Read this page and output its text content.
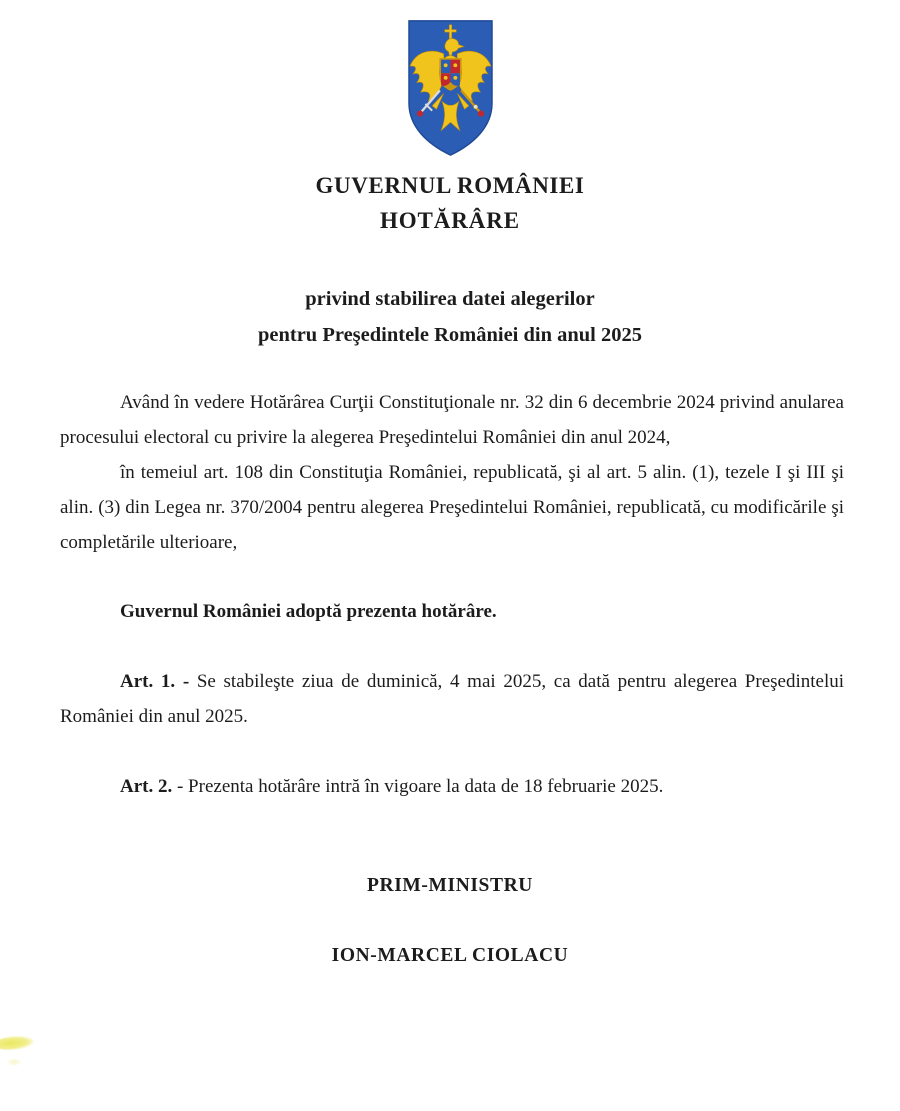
GUVERNUL ROMÂNIEI
HOTĂRÂRE
privind stabilirea datei alegerilor
pentru Preşedintele României din anul 2025

Având în vedere Hotărârea Curţii Constituţionale nr. 32 din 6 decembrie 2024 privind anularea procesului electoral cu privire la alegerea Preşedintelui României din anul 2024,

în temeiul art. 108 din Constituţia României, republicată, şi al art. 5 alin. (1), tezele I şi III şi alin. (3) din Legea nr. 370/2004 pentru alegerea Preşedintelui României, republicată, cu modificările şi completările ulterioare,

Guvernul României adoptă prezenta hotărâre.

Art. 1. - Se stabileşte ziua de duminică, 4 mai 2025, ca dată pentru alegerea Preşedintelui României din anul 2025.

Art. 2. - Prezenta hotărâre intră în vigoare la data de 18 februarie 2025.

PRIM-MINISTRU
ION-MARCEL CIOLACU
